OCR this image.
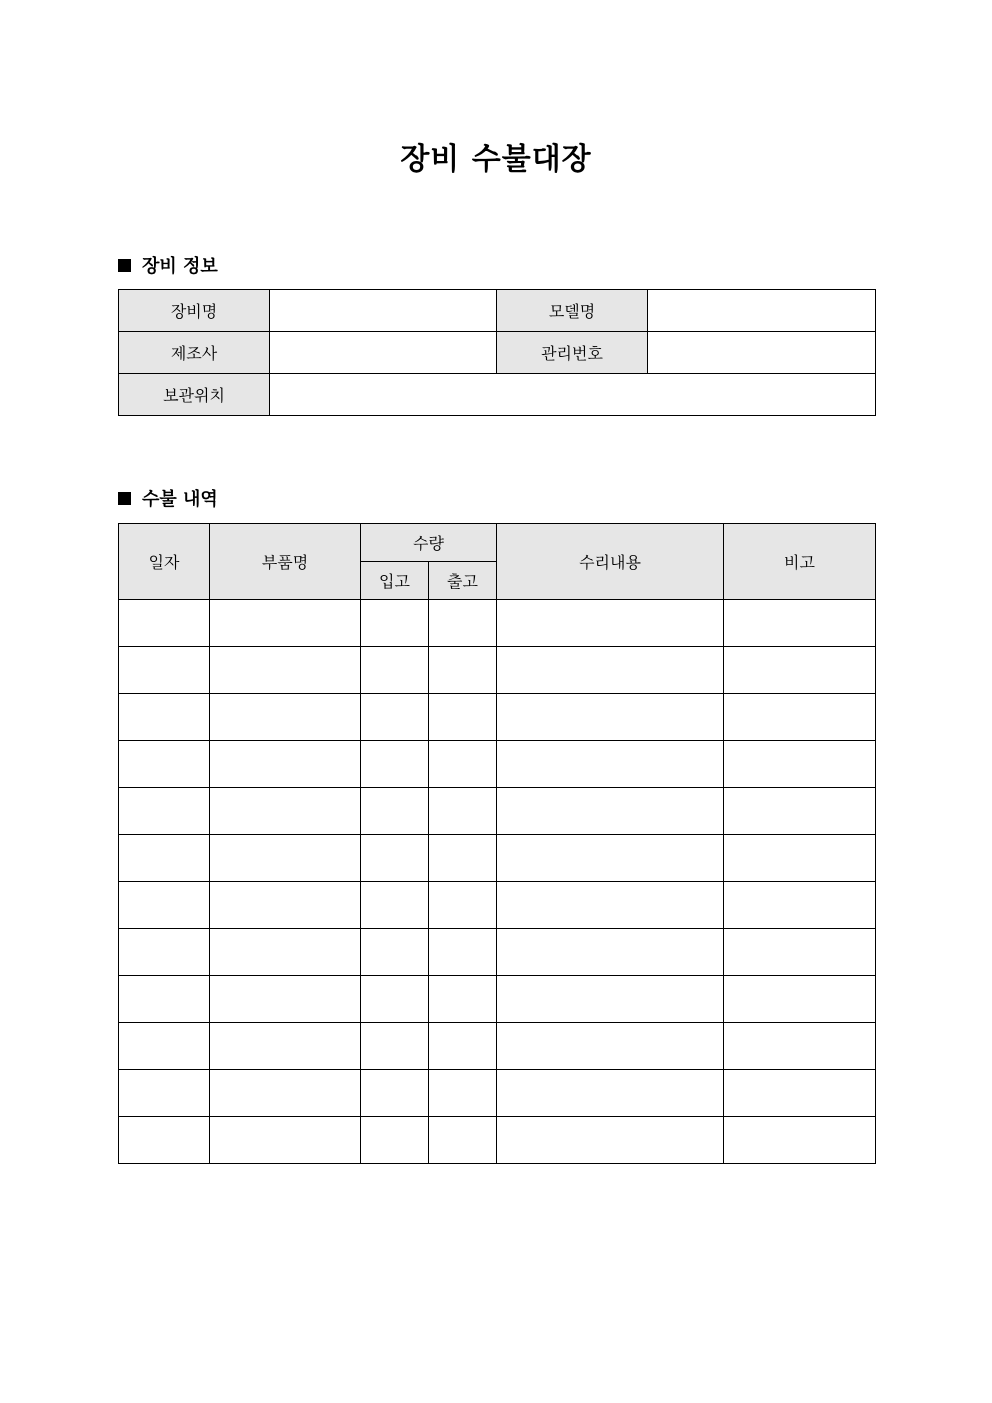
장비 수불대장
장비 정보
장비명		모델명	
제조사		관리번호	
보관위치			
수불 내역
일자	부품명	수량		수리내용	비고
		입고	출고		
